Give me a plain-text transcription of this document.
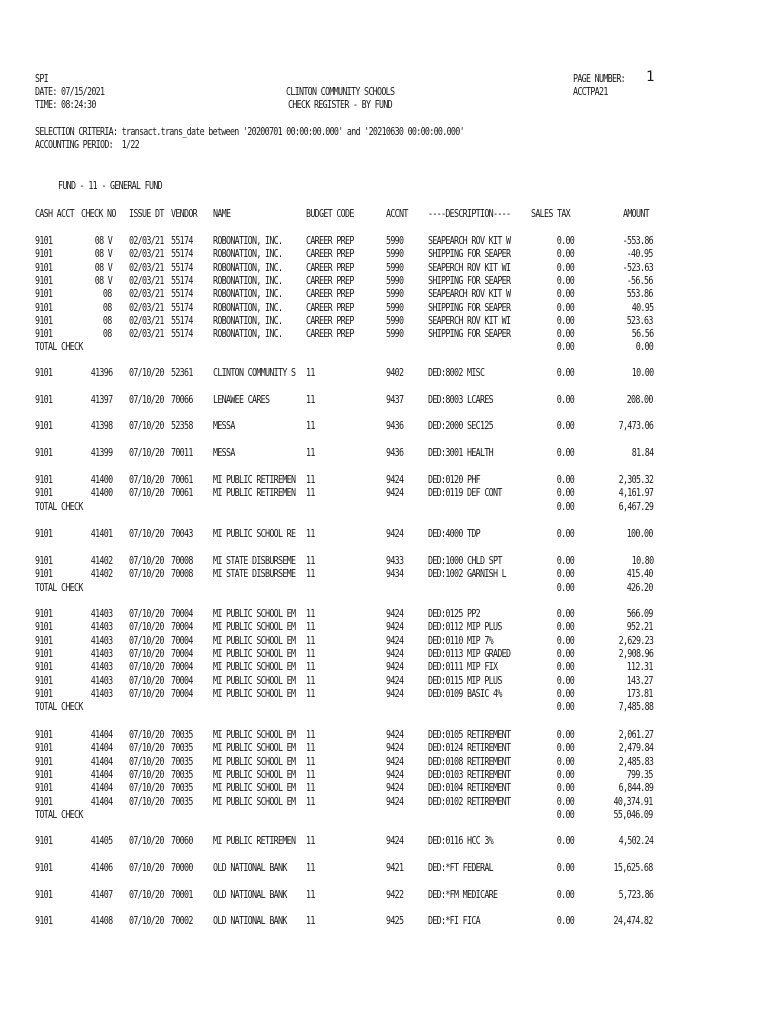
SPI
DATE: 07/15/2021
TIME: 08:24:30
CLINTON COMMUNITY SCHOOLS
CHECK REGISTER - BY FUND
PAGE NUMBER: 1
ACCTPA21
SELECTION CRITERIA: transact.trans_date between '20200701 00:00:00.000' and '20210630 00:00:00.000'
ACCOUNTING PERIOD:  1/22
FUND - 11 - GENERAL FUND
CASH ACCT CHECK NO ISSUE DT VENDOR NAME	BUDGET CODE	ACCNT ----DESCRIPTION---- SALES TAX	AMOUNT
9101	08 V 02/03/21 55174 ROBONATION, INC. CAREER PREP	5990 SEAPEARCH ROV KIT W	0.00	-553.86
9101	08 V 02/03/21 55174 ROBONATION, INC. CAREER PREP	5990 SHIPPING FOR SEAPER	0.00	-40.95
9101	08 V 02/03/21 55174 ROBONATION, INC. CAREER PREP	5990 SEAPERCH ROV KIT WI	0.00	-523.63
9101	08 V 02/03/21 55174 ROBONATION, INC. CAREER PREP	5990 SHIPPING FOR SEAPER	0.00	-56.56
9101	08 02/03/21 55174 ROBONATION, INC. CAREER PREP	5990 SEAPEARCH ROV KIT W	0.00	553.86
9101	08 02/03/21 55174 ROBONATION, INC. CAREER PREP	5990 SHIPPING FOR SEAPER	0.00	40.95
9101	08 02/03/21 55174 ROBONATION, INC. CAREER PREP	5990 SEAPERCH ROV KIT WI	0.00	523.63
9101	08 02/03/21 55174 ROBONATION, INC. CAREER PREP	5990 SHIPPING FOR SEAPER	0.00	56.56
TOTAL CHECK	0.00	0.00
9101	41396 07/10/20 52361 CLINTON COMMUNITY S 11	9402 DED:8002 MISC	0.00	10.00
9101	41397 07/10/20 70066 LENAWEE CARES	11	9437 DED:8003 LCARES	0.00	208.00
9101	41398 07/10/20 52358 MESSA	11	9436 DED:2000 SEC125	0.00	7,473.06
9101	41399 07/10/20 70011 MESSA	11	9436 DED:3001 HEALTH	0.00	81.84
9101	41400 07/10/20 70061 MI PUBLIC RETIREMEN 11	9424 DED:0120 PHF	0.00	2,305.32
9101	41400 07/10/20 70061 MI PUBLIC RETIREMEN 11	9424 DED:0119 DEF CONT	0.00	4,161.97
TOTAL CHECK	0.00	6,467.29
9101	41401 07/10/20 70043 MI PUBLIC SCHOOL RE 11	9424 DED:4000 TDP	0.00	100.00
9101	41402 07/10/20 70008 MI STATE DISBURSEME 11	9433 DED:1000 CHLD SPT	0.00	10.80
9101	41402 07/10/20 70008 MI STATE DISBURSEME 11	9434 DED:1002 GARNISH L	0.00	415.40
TOTAL CHECK	0.00	426.20
9101	41403 07/10/20 70004 MI PUBLIC SCHOOL EM 11	9424 DED:0125 PP2	0.00	566.09
9101	41403 07/10/20 70004 MI PUBLIC SCHOOL EM 11	9424 DED:0112 MIP PLUS	0.00	952.21
9101	41403 07/10/20 70004 MI PUBLIC SCHOOL EM 11	9424 DED:0110 MIP 7%	0.00	2,629.23
9101	41403 07/10/20 70004 MI PUBLIC SCHOOL EM 11	9424 DED:0113 MIP GRADED	0.00	2,908.96
9101	41403 07/10/20 70004 MI PUBLIC SCHOOL EM 11	9424 DED:0111 MIP FIX	0.00	112.31
9101	41403 07/10/20 70004 MI PUBLIC SCHOOL EM 11	9424 DED:0115 MIP PLUS	0.00	143.27
9101	41403 07/10/20 70004 MI PUBLIC SCHOOL EM 11	9424 DED:0109 BASIC 4%	0.00	173.81
TOTAL CHECK	0.00	7,485.88
9101	41404 07/10/20 70035 MI PUBLIC SCHOOL EM 11	9424 DED:0105 RETIREMENT	0.00	2,061.27
9101	41404 07/10/20 70035 MI PUBLIC SCHOOL EM 11	9424 DED:0124 RETIREMENT	0.00	2,479.84
9101	41404 07/10/20 70035 MI PUBLIC SCHOOL EM 11	9424 DED:0108 RETIREMENT	0.00	2,485.83
9101	41404 07/10/20 70035 MI PUBLIC SCHOOL EM 11	9424 DED:0103 RETIREMENT	0.00	799.35
9101	41404 07/10/20 70035 MI PUBLIC SCHOOL EM 11	9424 DED:0104 RETIREMENT	0.00	6,844.89
9101	41404 07/10/20 70035 MI PUBLIC SCHOOL EM 11	9424 DED:0102 RETIREMENT	0.00	40,374.91
TOTAL CHECK	0.00	55,046.09
9101	41405 07/10/20 70060 MI PUBLIC RETIREMEN 11	9424 DED:0116 HCC 3%	0.00	4,502.24
9101	41406 07/10/20 70000 OLD NATIONAL BANK 11	9421 DED:*FT FEDERAL	0.00	15,625.68
9101	41407 07/10/20 70001 OLD NATIONAL BANK 11	9422 DED:*FM MEDICARE	0.00	5,723.86
9101	41408 07/10/20 70002 OLD NATIONAL BANK 11	9425 DED:*FI FICA	0.00	24,474.82
